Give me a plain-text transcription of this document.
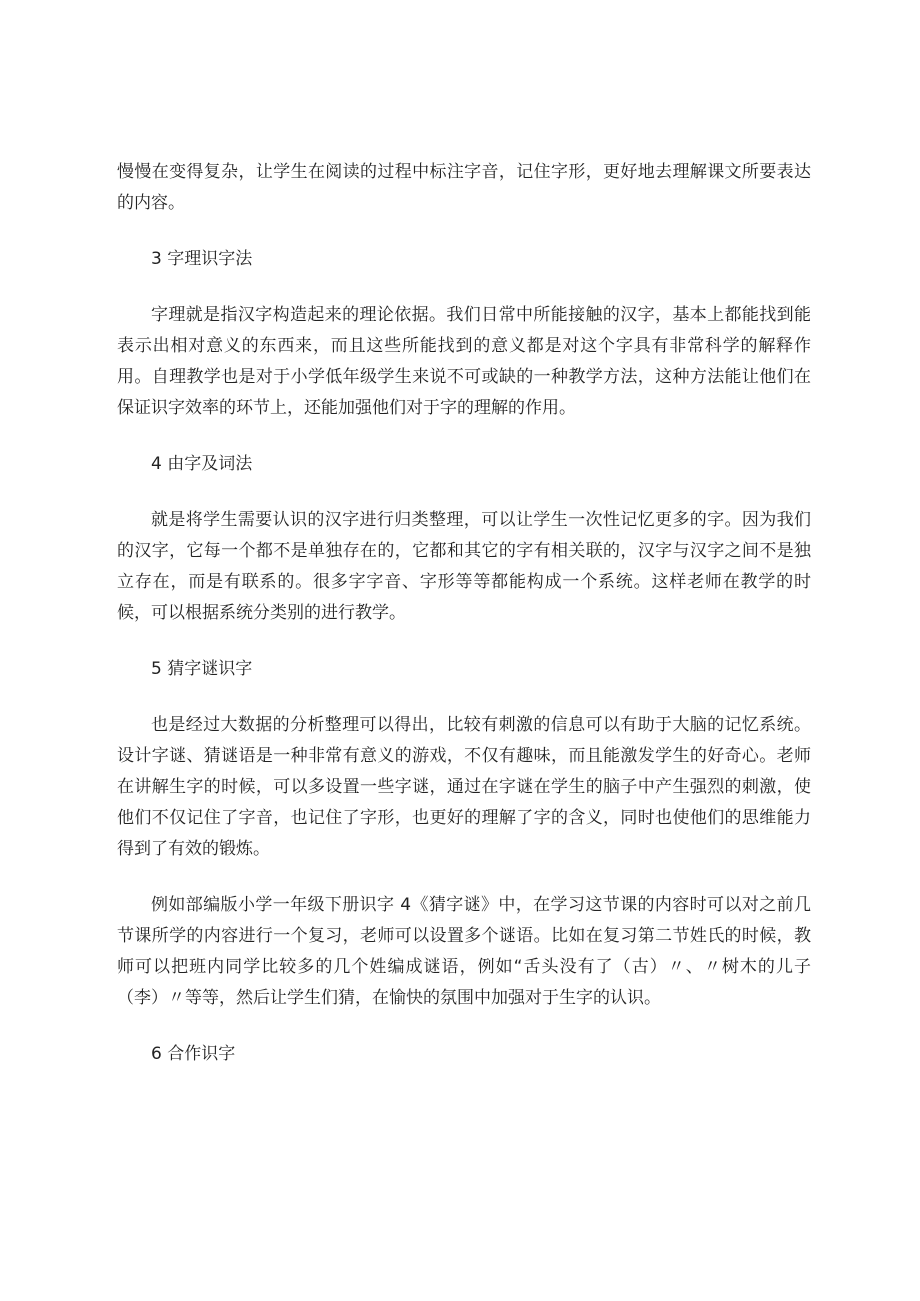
慢慢在变得复杂，让学生在阅读的过程中标注字音，记住字形，更好地去理解课文所要表达的内容。

3 字理识字法

字理就是指汉字构造起来的理论依据。我们日常中所能接触的汉字，基本上都能找到能表示出相对意义的东西来，而且这些所能找到的意义都是对这个字具有非常科学的解释作用。自理教学也是对于小学低年级学生来说不可或缺的一种教学方法，这种方法能让他们在保证识字效率的环节上，还能加强他们对于字的理解的作用。

4 由字及词法

就是将学生需要认识的汉字进行归类整理，可以让学生一次性记忆更多的字。因为我们的汉字，它每一个都不是单独存在的，它都和其它的字有相关联的，汉字与汉字之间不是独立存在，而是有联系的。很多字字音、字形等等都能构成一个系统。这样老师在教学的时候，可以根据系统分类别的进行教学。

5 猜字谜识字

也是经过大数据的分析整理可以得出，比较有刺激的信息可以有助于大脑的记忆系统。设计字谜、猜谜语是一种非常有意义的游戏，不仅有趣味，而且能激发学生的好奇心。老师在讲解生字的时候，可以多设置一些字谜，通过在字谜在学生的脑子中产生强烈的刺激，使他们不仅记住了字音，也记住了字形，也更好的理解了字的含义，同时也使他们的思维能力得到了有效的锻炼。

例如部编版小学一年级下册识字 4《猜字谜》中，在学习这节课的内容时可以对之前几节课所学的内容进行一个复习，老师可以设置多个谜语。比如在复习第二节姓氏的时候，教师可以把班内同学比较多的几个姓编成谜语，例如“舌头没有了（古）〃、〃树木的儿子（李）〃等等，然后让学生们猜，在愉快的氛围中加强对于生字的认识。

6 合作识字
